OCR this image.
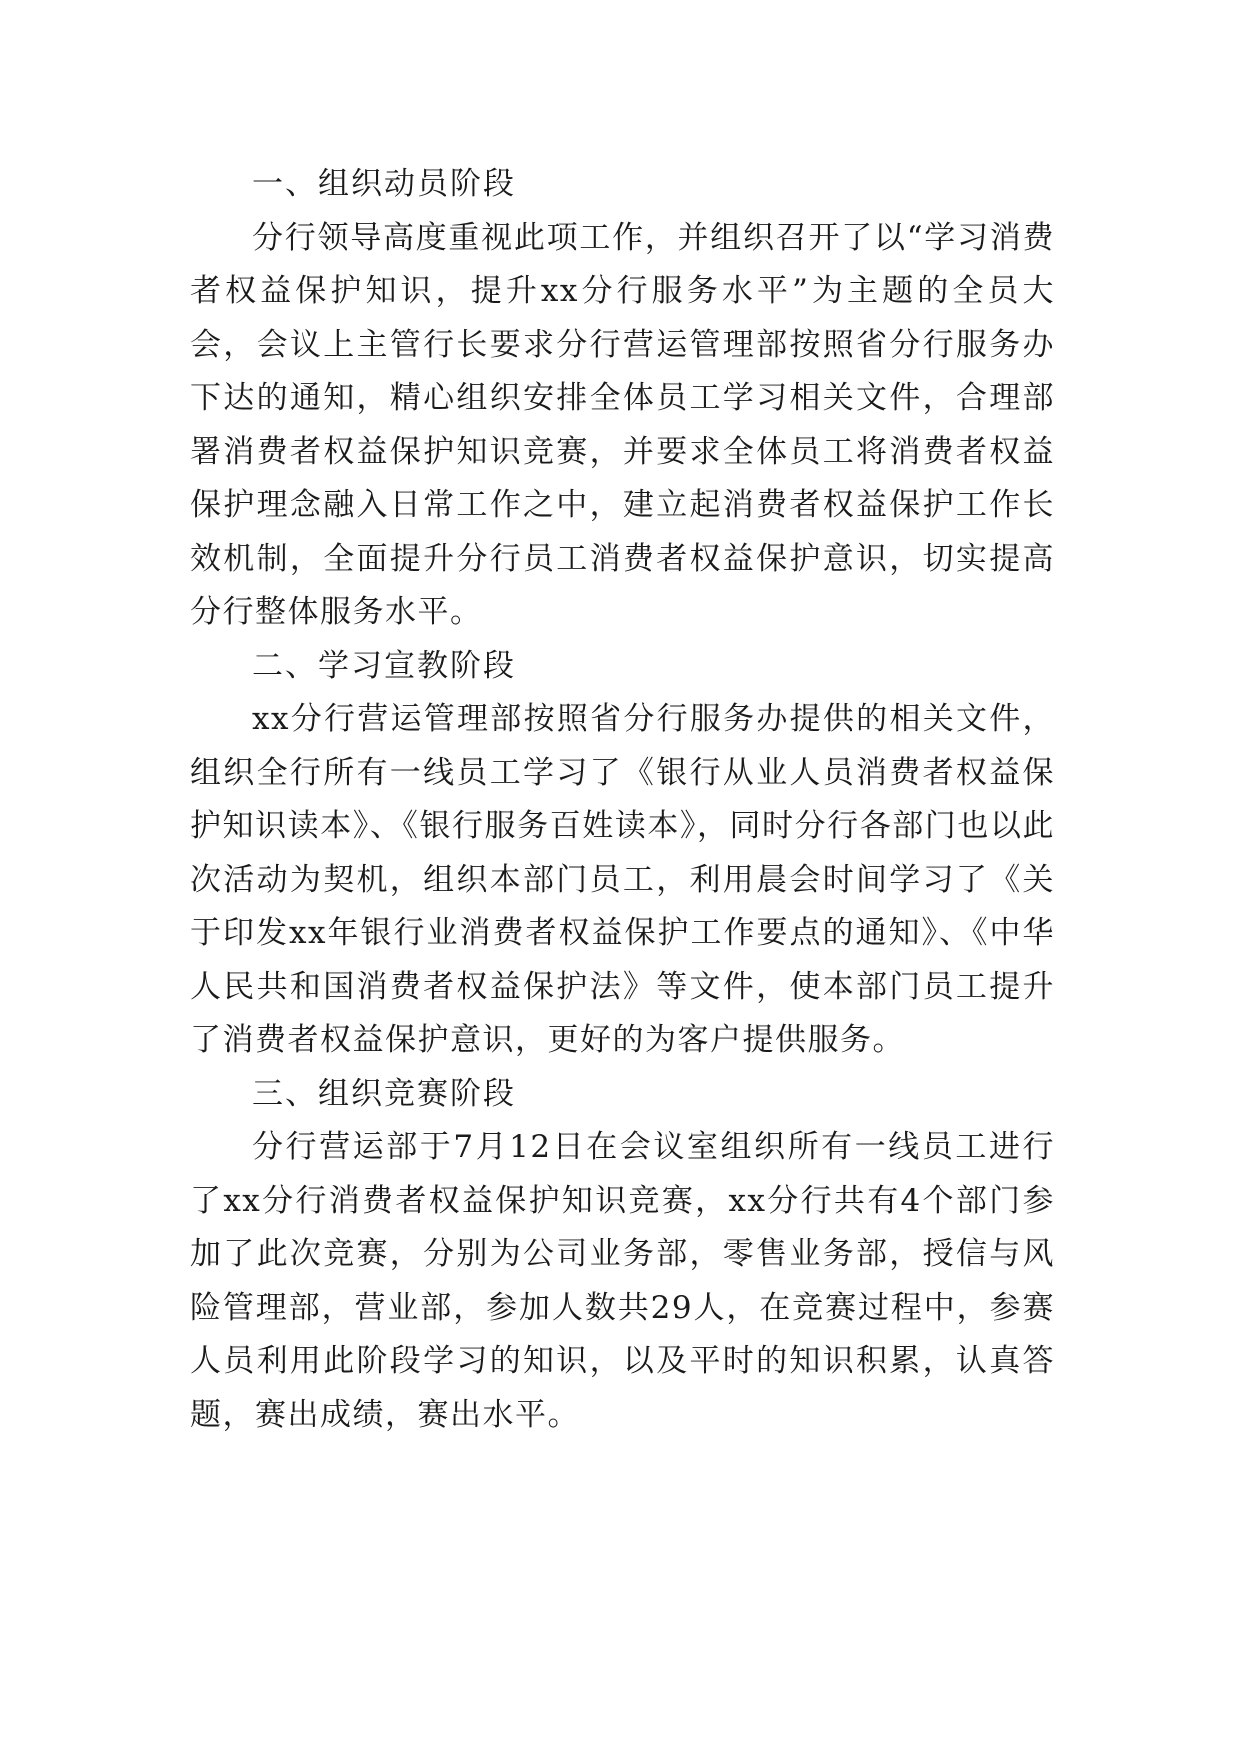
一、组织动员阶段

分行领导高度重视此项工作，并组织召开了以“学习消费者权益保护知识，提升xx分行服务水平”为主题的全员大会，会议上主管行长要求分行营运管理部按照省分行服务办下达的通知，精心组织安排全体员工学习相关文件，合理部署消费者权益保护知识竞赛，并要求全体员工将消费者权益保护理念融入日常工作之中，建立起消费者权益保护工作长效机制，全面提升分行员工消费者权益保护意识，切实提高分行整体服务水平。

二、学习宣教阶段

xx分行营运管理部按照省分行服务办提供的相关文件，组织全行所有一线员工学习了《银行从业人员消费者权益保护知识读本》、《银行服务百姓读本》，同时分行各部门也以此次活动为契机，组织本部门员工，利用晨会时间学习了《关于印发xx年银行业消费者权益保护工作要点的通知》、《中华人民共和国消费者权益保护法》等文件，使本部门员工提升了消费者权益保护意识，更好的为客户提供服务。

三、组织竞赛阶段

分行营运部于7月12日在会议室组织所有一线员工进行了xx分行消费者权益保护知识竞赛，xx分行共有4个部门参加了此次竞赛，分别为公司业务部，零售业务部，授信与风险管理部，营业部，参加人数共29人，在竞赛过程中，参赛人员利用此阶段学习的知识，以及平时的知识积累，认真答题，赛出成绩，赛出水平。
